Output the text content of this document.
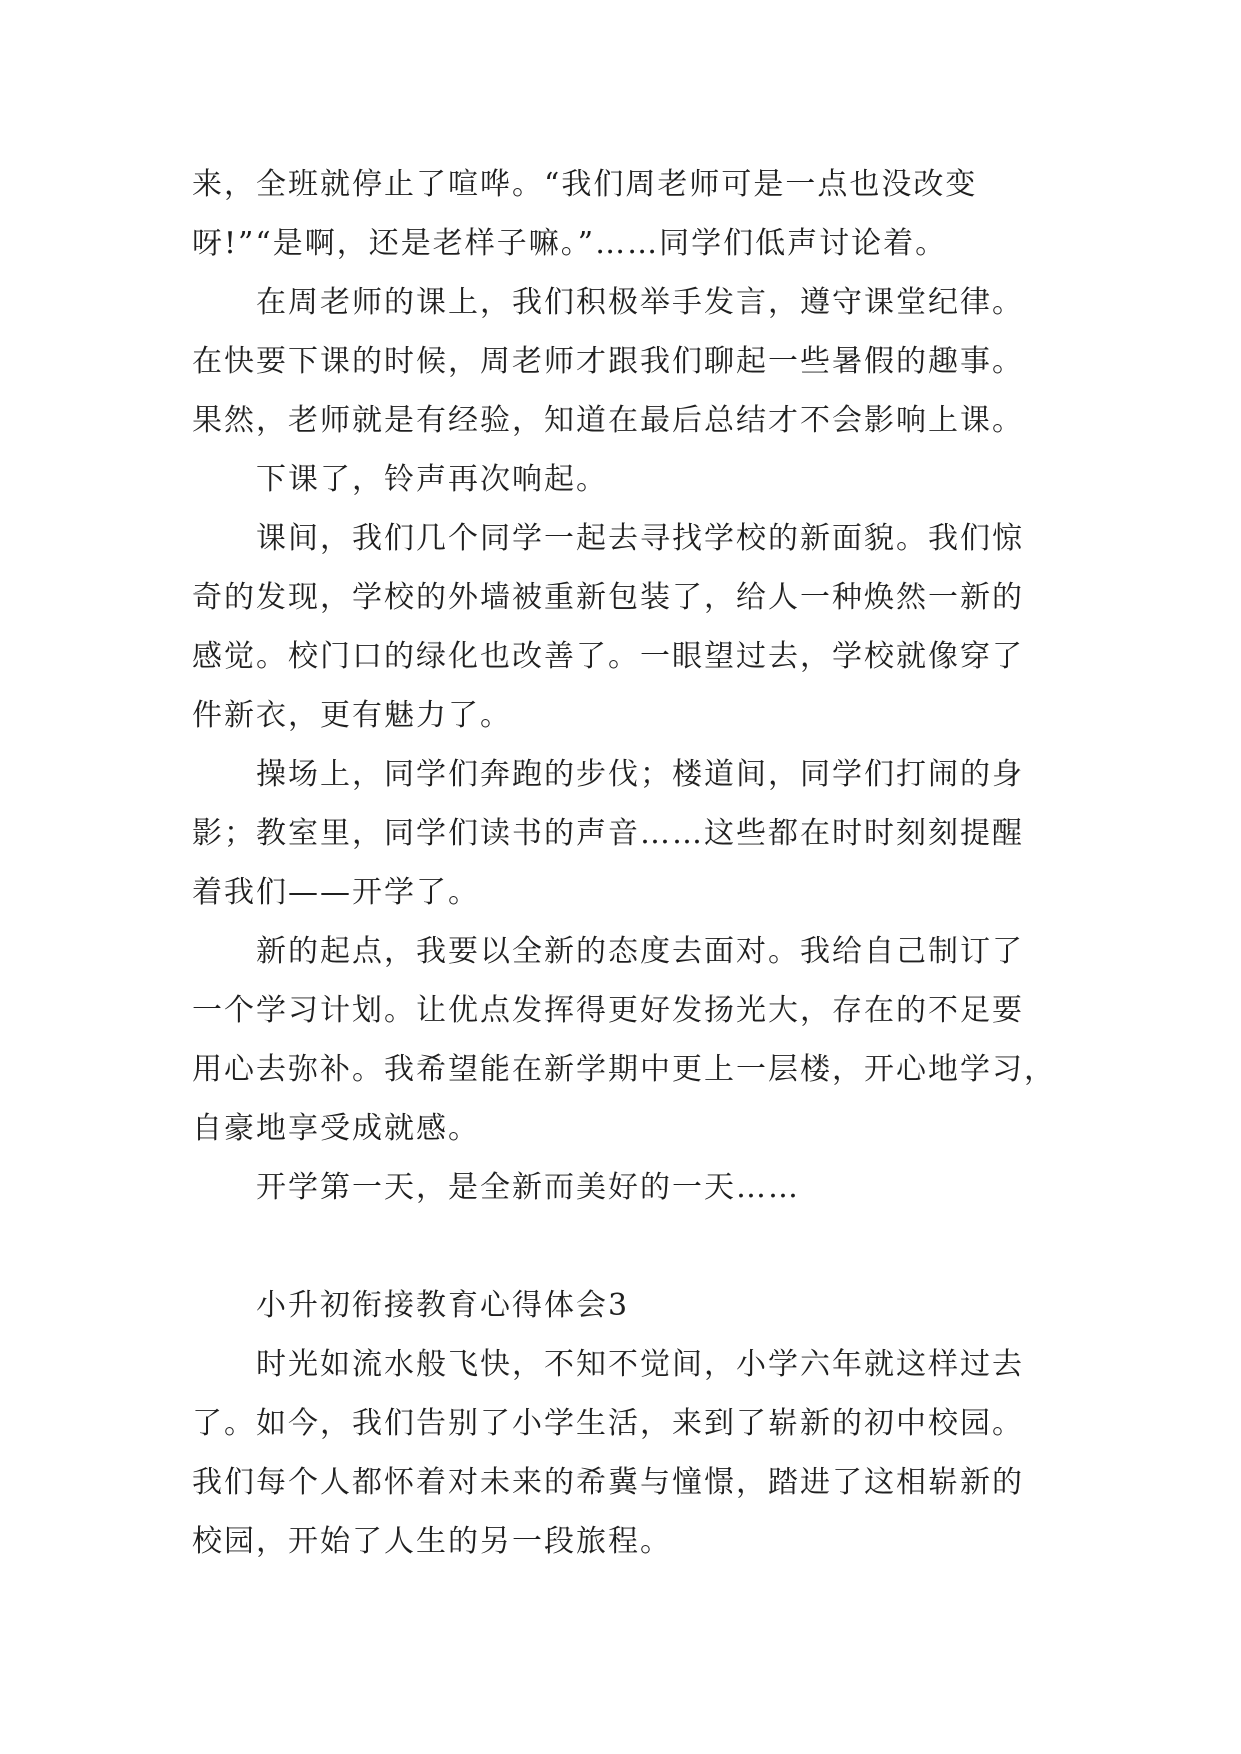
来，全班就停止了喧哗。“我们周老师可是一点也没改变
呀!”“是啊，还是老样子嘛。”……同学们低声讨论着。
在周老师的课上，我们积极举手发言，遵守课堂纪律。
在快要下课的时候，周老师才跟我们聊起一些暑假的趣事。
果然，老师就是有经验，知道在最后总结才不会影响上课。
下课了，铃声再次响起。
课间，我们几个同学一起去寻找学校的新面貌。我们惊
奇的发现，学校的外墙被重新包装了，给人一种焕然一新的
感觉。校门口的绿化也改善了。一眼望过去，学校就像穿了
件新衣，更有魅力了。
操场上，同学们奔跑的步伐；楼道间，同学们打闹的身
影；教室里，同学们读书的声音……这些都在时时刻刻提醒
着我们——开学了。
新的起点，我要以全新的态度去面对。我给自己制订了
一个学习计划。让优点发挥得更好发扬光大，存在的不足要
用心去弥补。我希望能在新学期中更上一层楼，开心地学习，
自豪地享受成就感。
开学第一天，是全新而美好的一天……
小升初衔接教育心得体会3
时光如流水般飞快，不知不觉间，小学六年就这样过去
了。如今，我们告别了小学生活，来到了崭新的初中校园。
我们每个人都怀着对未来的希冀与憧憬，踏进了这相崭新的
校园，开始了人生的另一段旅程。
